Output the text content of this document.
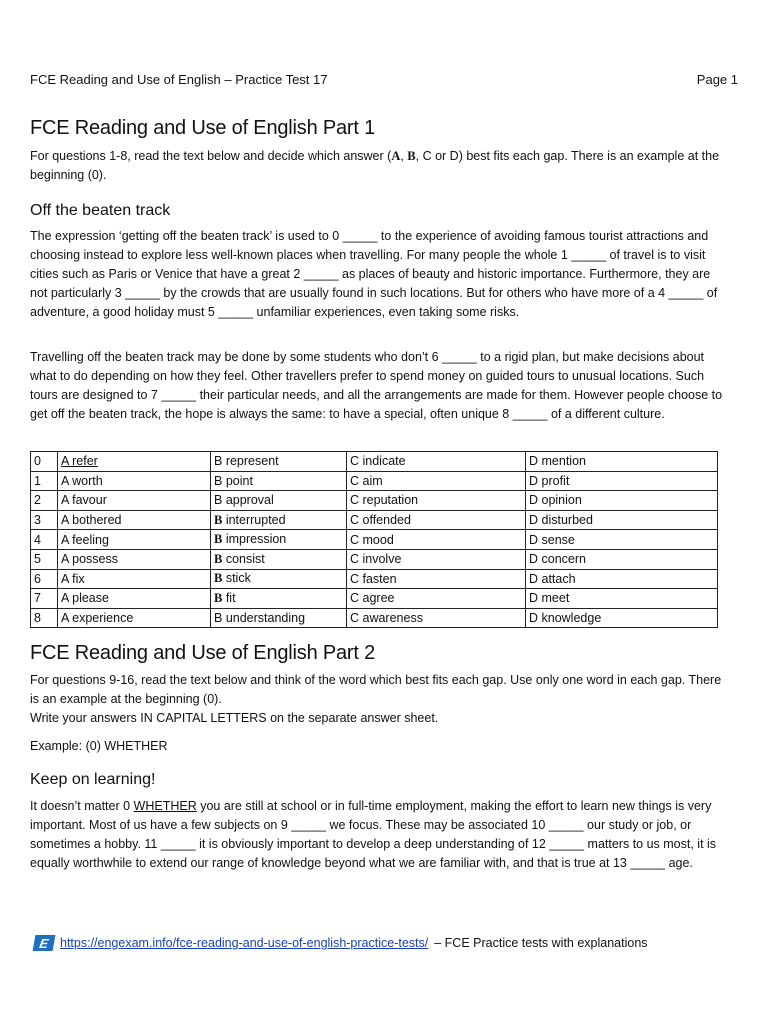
FCE Reading and Use of English – Practice Test 17	Page 1
FCE Reading and Use of English Part 1
For questions 1-8, read the text below and decide which answer (A, B, C or D) best fits each gap. There is an example at the beginning (0).
Off the beaten track
The expression ‘getting off the beaten track’ is used to 0 _____ to the experience of avoiding famous tourist attractions and choosing instead to explore less well-known places when travelling. For many people the whole 1 _____ of travel is to visit cities such as Paris or Venice that have a great 2 _____ as places of beauty and historic importance. Furthermore, they are not particularly 3 _____ by the crowds that are usually found in such locations. But for others who have more of a 4 _____ of adventure, a good holiday must 5 _____ unfamiliar experiences, even taking some risks.
Travelling off the beaten track may be done by some students who don’t 6 _____ to a rigid plan, but make decisions about what to do depending on how they feel. Other travellers prefer to spend money on guided tours to unusual locations. Such tours are designed to 7 _____ their particular needs, and all the arrangements are made for them. However people choose to get off the beaten track, the hope is always the same: to have a special, often unique 8 _____ of a different culture.
0	A refer	B represent	C indicate	D mention
1	A worth	B point	C aim	D profit
2	A favour	B approval	C reputation	D opinion
3	A bothered	B interrupted	C offended	D disturbed
4	A feeling	B impression	C mood	D sense
5	A possess	B consist	C involve	D concern
6	A fix	B stick	C fasten	D attach
7	A please	B fit	C agree	D meet
8	A experience	B understanding	C awareness	D knowledge
FCE Reading and Use of English Part 2
For questions 9-16, read the text below and think of the word which best fits each gap. Use only one word in each gap. There is an example at the beginning (0).
Write your answers IN CAPITAL LETTERS on the separate answer sheet.
Example: (0) WHETHER
Keep on learning!
It doesn’t matter 0 WHETHER you are still at school or in full-time employment, making the effort to learn new things is very important. Most of us have a few subjects on 9 _____ we focus. These may be associated 10 _____ our study or job, or sometimes a hobby. 11 _____ it is obviously important to develop a deep understanding of 12 _____ matters to us most, it is equally worthwhile to extend our range of knowledge beyond what we are familiar with, and that is true at 13 _____ age.
E https://engexam.info/fce-reading-and-use-of-english-practice-tests/ – FCE Practice tests with explanations
